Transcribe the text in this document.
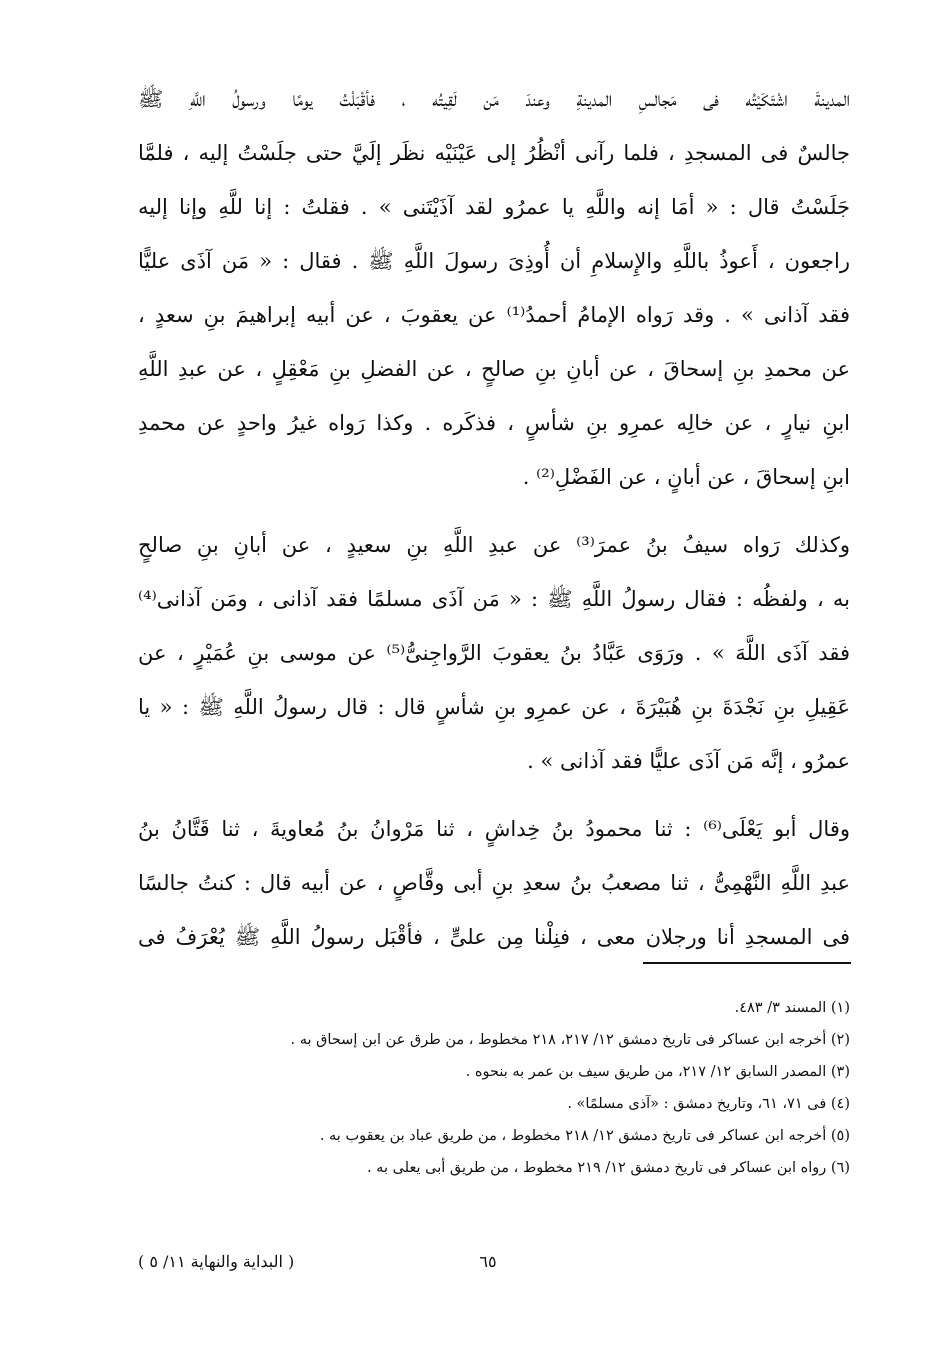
المدينةَ اشْتَكَيْتُه فى مَجالسِ المدينةِ وعندَ مَن لَقِيتُه ، فأقْبَلْتُ يومًا ورسولُ اللَّهِ ﷺ
جالسٌ فى المسجدِ ، فلما رآنى أنْظُرُ إلى عَيْنَيْه نظَر إلَيَّ حتى جلَسْتُ إليه ، فلمَّا
جَلَسْتُ قال : « أمَا إنه واللَّهِ يا عمرُو لقد آذَيْتَنى » . فقلتُ : إنا للَّهِ وإنا إليه
راجعون ، أَعوذُ باللَّهِ والإِسلامِ أن أُوذِىَ رسولَ اللَّهِ ﷺ . فقال : « مَن آذَى عليًّا
فقد آذانى » . وقد رَواه الإمامُ أحمدُ⁽¹⁾ عن يعقوبَ ، عن أبيه إبراهيمَ بنِ سعدٍ ،
عن محمدِ بنِ إسحاقَ ، عن أبانِ بنِ صالحٍ ، عن الفضلِ بنِ مَعْقِلٍ ، عن عبدِ اللَّهِ
ابنِ نيارٍ ، عن خالِه عمرِو بنِ شأسٍ ، فذكَره . وكذا رَواه غيرُ واحدٍ عن محمدِ
ابنِ إسحاقَ ، عن أبانٍ ، عن الفَضْلِ⁽²⁾ .
وكذلك رَواه سيفُ بنُ عمرَ⁽³⁾ عن عبدِ اللَّهِ بنِ سعيدٍ ، عن أبانِ بنِ صالحٍ
به ، ولفظُه : فقال رسولُ اللَّهِ ﷺ : « مَن آذَى مسلمًا فقد آذانى ، ومَن آذانى⁽⁴⁾
فقد آذَى اللَّهَ » . ورَوَى عَبَّادُ بنُ يعقوبَ الرَّواجِنىُّ⁽⁵⁾ عن موسى بنِ عُمَيْرٍ ، عن
عَقِيلِ بنِ نَجْدَةَ بنِ هُبَيْرَةَ ، عن عمرِو بنِ شأسٍ قال : قال رسولُ اللَّهِ ﷺ : « يا
عمرُو ، إنَّه مَن آذَى عليًّا فقد آذانى » .
وقال أبو يَعْلَى⁽⁶⁾ : ثنا محمودُ بنُ خِداشٍ ، ثنا مَرْوانُ بنُ مُعاويةَ ، ثنا قَتَّانُ بنُ
عبدِ اللَّهِ النَّهْمِىُّ ، ثنا مصعبُ بنُ سعدِ بنِ أبى وقَّاصٍ ، عن أبيه قال : كنتُ جالسًا
فى المسجدِ أنا ورجلان معى ، فنِلْنا مِن علىٍّ ، فأقْبَل رسولُ اللَّهِ ﷺ يُعْرَفُ فى
(١) المسند ٣/ ٤٨٣.
(٢) أخرجه ابن عساكر فى تاريخ دمشق ١٢/ ٢١٧، ٢١٨ مخطوط ، من طرق عن ابن إسحاق به .
(٣) المصدر السابق ١٢/ ٢١٧، من طريق سيف بن عمر به بنحوه .
(٤) فى ٧١، ٦١، وتاريخ دمشق : «آذى مسلمًا» .
(٥) أخرجه ابن عساكر فى تاريخ دمشق ١٢/ ٢١٨ مخطوط ، من طريق عباد بن يعقوب به .
(٦) رواه ابن عساكر فى تاريخ دمشق ١٢/ ٢١٩ مخطوط ، من طريق أبى يعلى به .
٦٥
( البداية والنهاية ١١/ ٥ )
